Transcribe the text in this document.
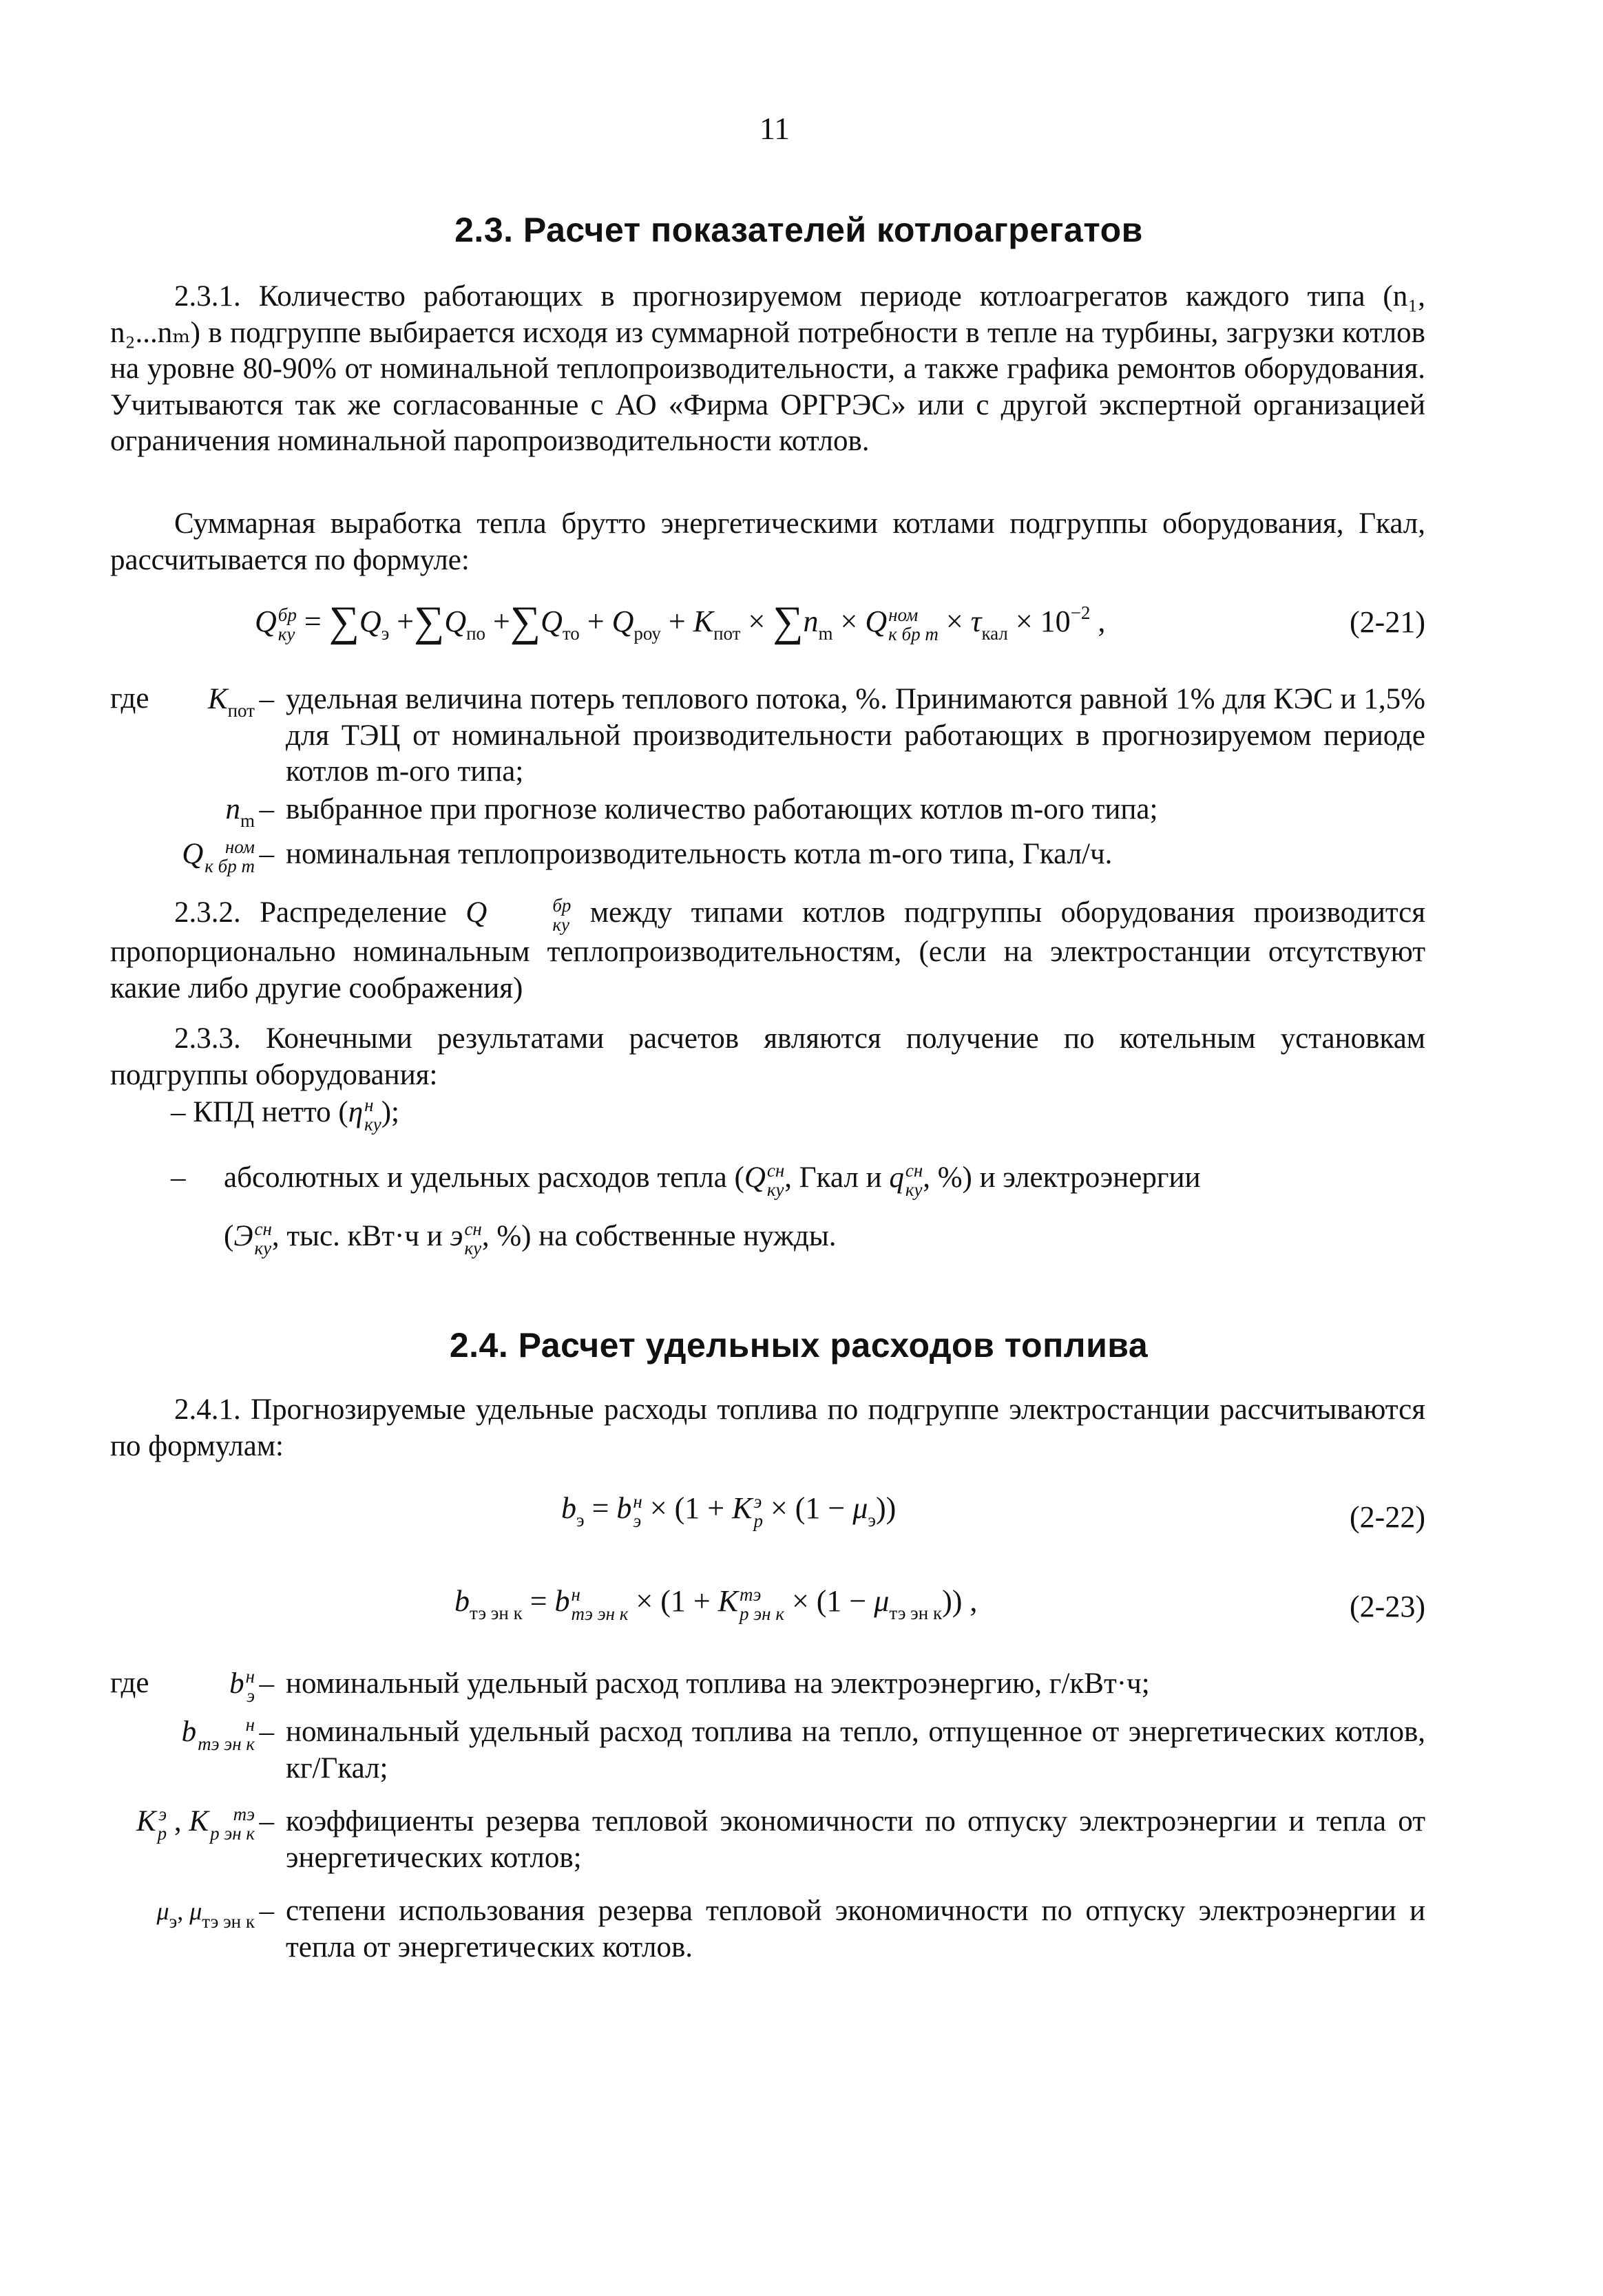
11
2.3. Расчет показателей котлоагрегатов
2.3.1. Количество работающих в прогнозируемом периоде котлоагрегатов каждого типа (n₁, n₂...nₘ) в подгруппе выбирается исходя из суммарной потребности в тепле на турбины, загрузки котлов на уровне 80-90% от номинальной теплопроизводительности, а также графика ремонтов оборудования. Учитываются так же согласованные с АО «Фирма ОРГРЭС» или с другой экспертной организацией ограничения номинальной паропроизводительности котлов.
Суммарная выработка тепла брутто энергетическими котлами подгруппы оборудования, Гкал, рассчитывается по формуле:
Q бр
ку = $\sum Q_э +\sum Q_{по} +\sum Q_{то} + Q_{роу} + K_{пот} \times \sum n_m \times Q$ ном
к бр $m \times \tau_{кал} \times 10^{-2}$ ,	(2-21)
где	$K_{пот}$ – удельная величина потерь теплового потока, %. Принимаются равной 1% для КЭС и 1,5% для ТЭЦ от номинальной производительности работающих в прогнозируемом периоде котлов m-ого типа;
$n_m$ – выбранное при прогнозе количество работающих котлов m-ого типа;
Q	ном
к бр m – номинальная теплопроизводительность котла m-ого типа, Гкал/ч.
2.3.2. Распределение Q	бр
ку между типами котлов подгруппы оборудования производится пропорционально номинальным теплопроизводительностям, (если на электростанции отсутствуют какие либо другие соображения)
2.3.3. Конечными результатами расчетов являются получение по котельным установкам подгруппы оборудования:
– КПД нетто (η н
ку );
– абсолютных и удельных расходов тепла (Q сн
ку , Гкал и q сн
ку , %) и электроэнергии
(Э сн
ку , тыс. кВт·ч и э сн
ку , %) на собственные нужды.
2.4. Расчет удельных расходов топлива
2.4.1. Прогнозируемые удельные расходы топлива по подгруппе электростанции рассчитываются по формулам:
$b_э = b$ н
э × (1 + K э
$р \times (1 - \mu_э)$)	(2-22)
$b_{тэ эн к} = b$ н
тэ эн к × (1 + K тэ
р эн $к \times (1 - \mu_{тэ эн к})$) ,	(2-23)
где	b н
э – номинальный удельный расход топлива на электроэнергию, г/кВт·ч;
b	н
тэ эн к – номинальный удельный расход топлива на тепло, отпущенное от энергетических котлов, кг/Гкал;
K э
р , K	тэ
р эн к – коэффициенты резерва тепловой экономичности по отпуску электроэнергии и тепла от энергетических котлов;
$\mu_э$, $\mu_{тэ эн к}$ – степени использования резерва тепловой экономичности по отпуску электроэнергии и тепла от энергетических котлов.
